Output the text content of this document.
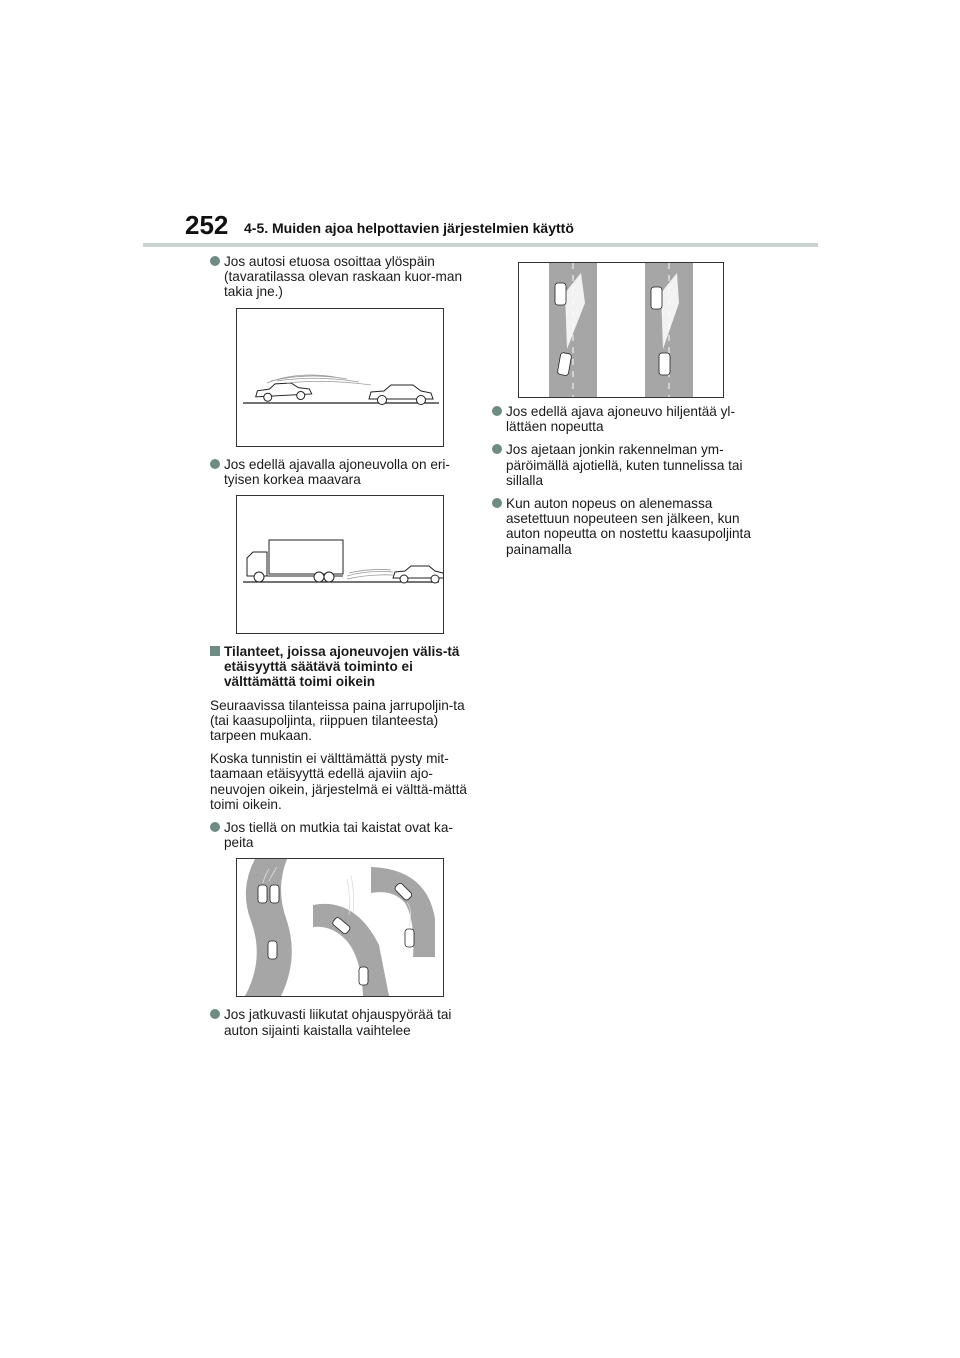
252 4-5. Muiden ajoa helpottavien järjestelmien käyttö
Jos autosi etuosa osoittaa ylöspäin (tavaratilassa olevan raskaan kuor-man takia jne.)
Jos edellä ajavalla ajoneuvolla on eri-tyisen korkea maavara
Tilanteet, joissa ajoneuvojen välis-tä etäisyyttä säätävä toiminto ei välttämättä toimi oikein

Seuraavissa tilanteissa paina jarrupoljin-ta (tai kaasupoljinta, riippuen tilanteesta) tarpeen mukaan.

Koska tunnistin ei välttämättä pysty mit-taamaan etäisyyttä edellä ajaviin ajo-neuvojen oikein, järjestelmä ei välttä-mättä toimi oikein.

Jos tiellä on mutkia tai kaistat ovat ka-peita
Jos jatkuvasti liikutat ohjauspyörää tai auton sijainti kaistalla vaihtelee
Jos edellä ajava ajoneuvo hiljentää yl-lättäen nopeutta
Jos ajetaan jonkin rakennelman ym-päröimällä ajotiellä, kuten tunnelissa tai sillalla
Kun auton nopeus on alenemassa asetettuun nopeuteen sen jälkeen, kun auton nopeutta on nostettu kaasupoljinta painamalla
